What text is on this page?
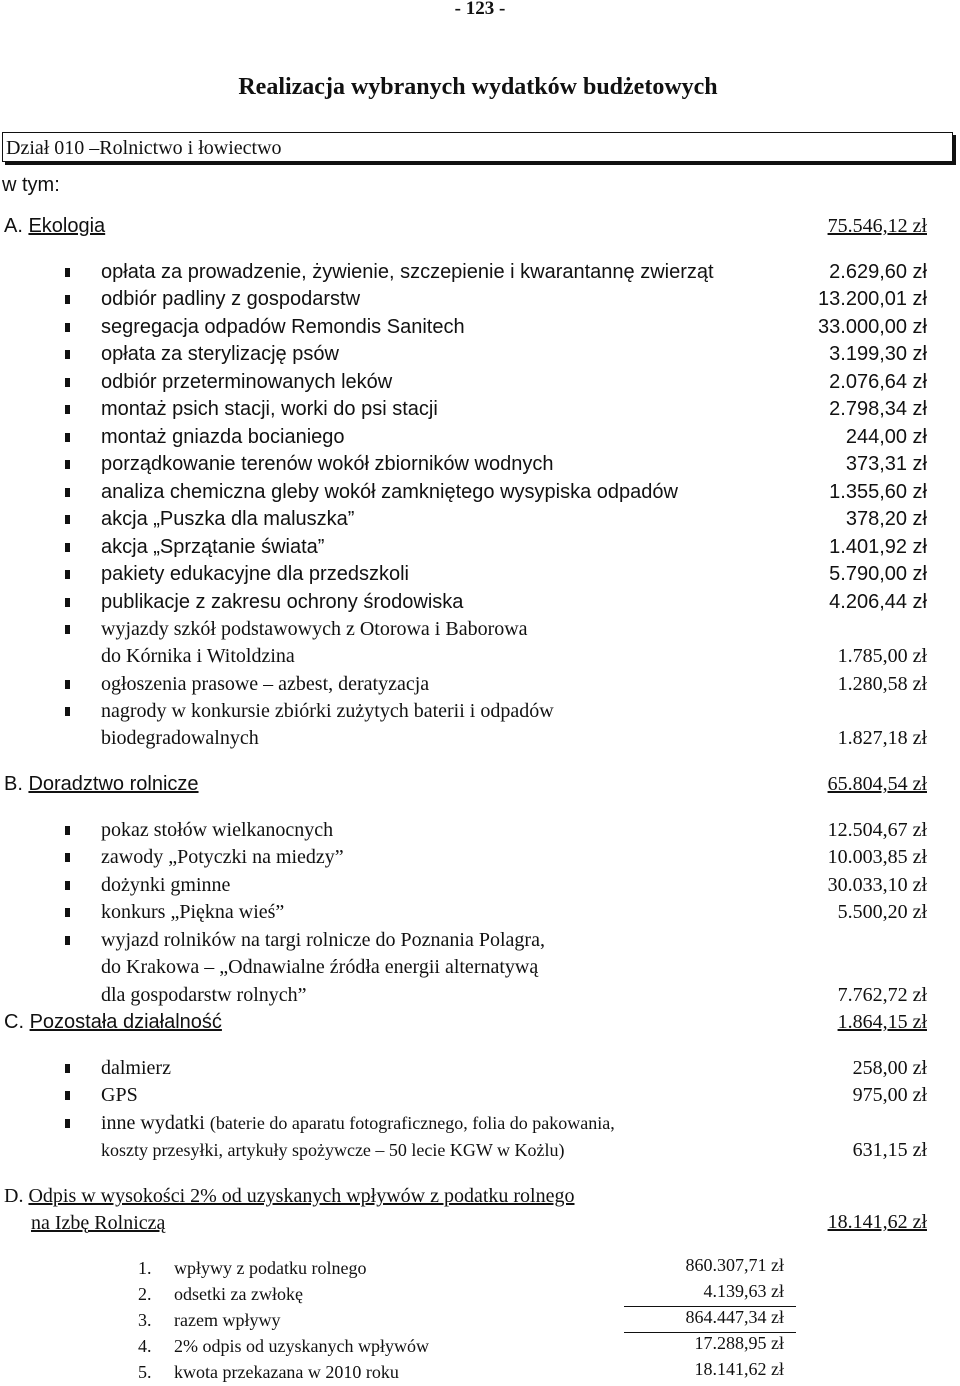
- 123 -
Realizacja wybranych wydatków budżetowych
Dział 010 –Rolnictwo i łowiectwo
w tym:
A. Ekologia	75.546,12 zł
opłata za prowadzenie, żywienie, szczepienie i kwarantannę zwierząt	2.629,60 zł
odbiór padliny z gospodarstw	13.200,01 zł
segregacja odpadów Remondis Sanitech	33.000,00 zł
opłata za sterylizację psów	3.199,30 zł
odbiór przeterminowanych leków	2.076,64 zł
montaż psich stacji, worki do psi stacji	2.798,34 zł
montaż gniazda bocianiego	244,00 zł
porządkowanie terenów wokół zbiorników wodnych	373,31 zł
analiza chemiczna gleby wokół zamkniętego wysypiska odpadów	1.355,60 zł
akcja „Puszka dla maluszka”	378,20 zł
akcja „Sprzątanie świata”	1.401,92 zł
pakiety edukacyjne dla przedszkoli	5.790,00 zł
publikacje z zakresu ochrony środowiska	4.206,44 zł
wyjazdy szkół podstawowych z Otorowa i Baborowa
do Kórnika i Witoldzina	1.785,00 zł
ogłoszenia prasowe – azbest, deratyzacja	1.280,58 zł
nagrody w konkursie zbiórki zużytych baterii i odpadów
biodegradowalnych	1.827,18 zł
B. Doradztwo rolnicze	65.804,54 zł
pokaz stołów wielkanocnych	12.504,67 zł
zawody „Potyczki na miedzy”	10.003,85 zł
dożynki gminne	30.033,10 zł
konkurs „Piękna wieś”	5.500,20 zł
wyjazd rolników na targi rolnicze do Poznania Polagra,
do Krakowa – „Odnawialne źródła energii alternatywą
dla gospodarstw rolnych”	7.762,72 zł
C. Pozostała działalność	1.864,15 zł
dalmierz	258,00 zł
GPS	975,00 zł
inne wydatki (baterie do aparatu fotograficznego, folia do pakowania,
koszty przesyłki, artykuły spożywcze – 50 lecie KGW w Kożlu)	631,15 zł
D. Odpis w wysokości 2% od uzyskanych wpływów z podatku rolnego
na Izbę Rolniczą	18.141,62 zł
1. wpływy z podatku rolnego	860.307,71 zł
2. odsetki za zwłokę	4.139,63 zł
3. razem wpływy	864.447,34 zł
4. 2% odpis od uzyskanych wpływów	17.288,95 zł
5. kwota przekazana w 2010 roku	18.141,62 zł
